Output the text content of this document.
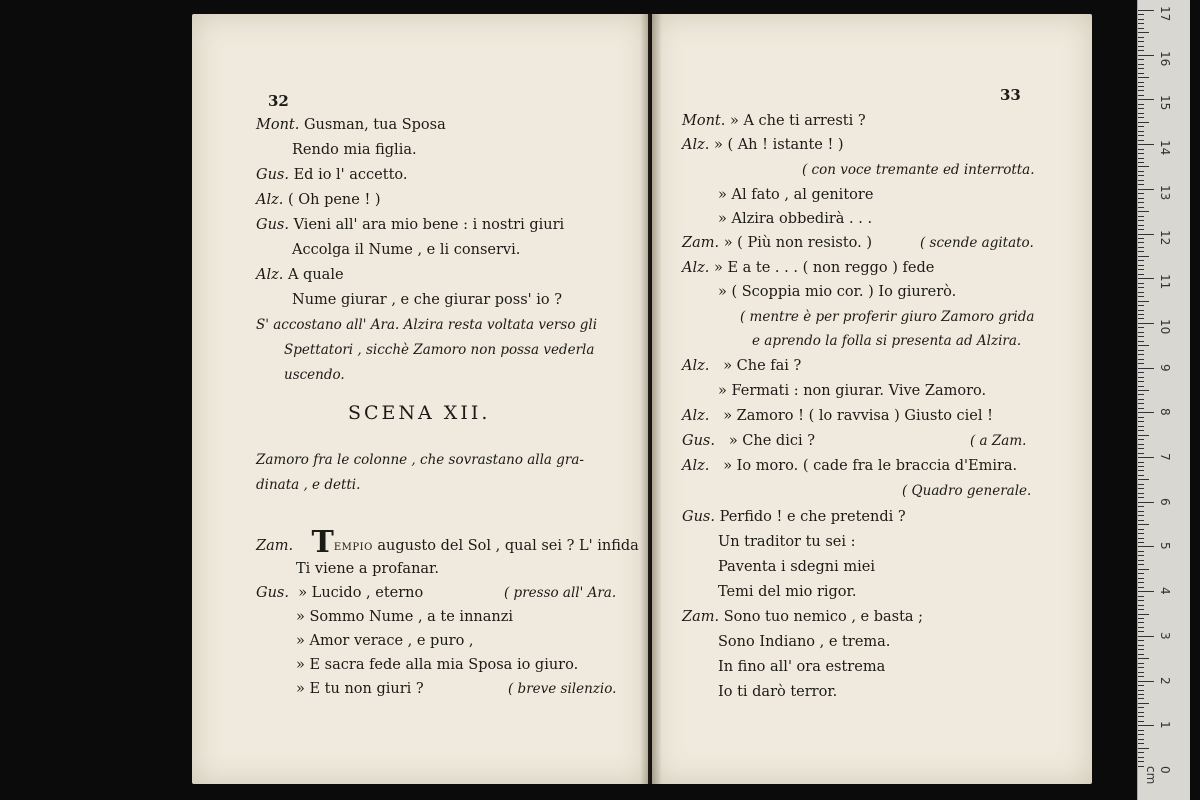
32
Mont. Gusman, tua Sposa
Rendo mia figlia.
Gus. Ed io l' accetto.
Alz. ( Oh pene ! )
Gus. Vieni all' ara mio bene : i nostri giuri
Accolga il Nume , e li conservi.
Alz. A quale
Nume giurar , e che giurar poss' io ?
S' accostano all' Ara. Alzira resta voltata verso gli
Spettatori , sicchè Zamoro non possa vederla
uscendo.
SCENA XII.
Zamoro fra le colonne , che sovrastano alla gra-
dinata , e detti.
Zam. TEMPIO augusto del Sol , qual sei ? L' infida
Ti viene a profanar.
Gus. » Lucido , eterno	( presso all' Ara.
» Sommo Nume , a te innanzi
» Amor verace , e puro ,
» E sacra fede alla mia Sposa io giuro.
» E tu non giuri ?	( breve silenzio.
33
Mont. » A che ti arresti ?
Alz. » ( Ah ! istante ! )
( con voce tremante ed interrotta.
» Al fato , al genitore
» Alzira obbedirà . . .
Zam. » ( Più non resisto. )	( scende agitato.
Alz. » E a te . . . ( non reggo ) fede
» ( Scoppia mio cor. ) Io giurerò.
( mentre è per proferir giuro Zamoro grida
e aprendo la folla si presenta ad Alzira.
Alz. » Che fai ?
» Fermati : non giurar. Vive Zamoro.
Alz. » Zamoro ! ( lo ravvisa ) Giusto ciel !
Gus. » Che dici ?	( a Zam.
Alz. » Io moro. ( cade fra le braccia d'Emira.
( Quadro generale.
Gus. Perfido ! e che pretendi ?
Un traditor tu sei :
Paventa i sdegni miei
Temi del mio rigor.
Zam. Sono tuo nemico , e basta ;
Sono Indiano , e trema.
In fino all' ora estrema
Io ti darò terror.
17
16
15
14
13
12
11
10
9
8
7
6
5
4
3
2
1
0 cm
